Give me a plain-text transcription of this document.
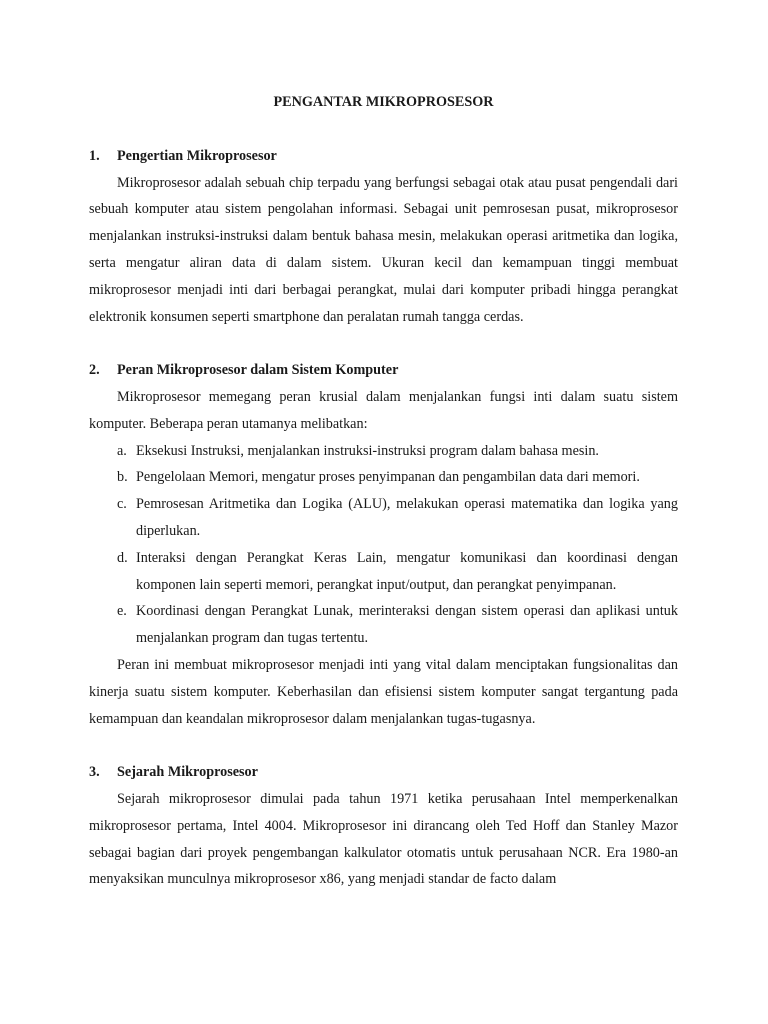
PENGANTAR MIKROPROSESOR
1.	Pengertian Mikroprosesor

Mikroprosesor adalah sebuah chip terpadu yang berfungsi sebagai otak atau pusat pengendali dari sebuah komputer atau sistem pengolahan informasi. Sebagai unit pemrosesan pusat, mikroprosesor menjalankan instruksi-instruksi dalam bentuk bahasa mesin, melakukan operasi aritmetika dan logika, serta mengatur aliran data di dalam sistem. Ukuran kecil dan kemampuan tinggi membuat mikroprosesor menjadi inti dari berbagai perangkat, mulai dari komputer pribadi hingga perangkat elektronik konsumen seperti smartphone dan peralatan rumah tangga cerdas.

2.	Peran Mikroprosesor dalam Sistem Komputer

Mikroprosesor memegang peran krusial dalam menjalankan fungsi inti dalam suatu sistem komputer. Beberapa peran utamanya melibatkan:

a. Eksekusi Instruksi, menjalankan instruksi-instruksi program dalam bahasa mesin.
b. Pengelolaan Memori, mengatur proses penyimpanan dan pengambilan data dari memori.
c. Pemrosesan Aritmetika dan Logika (ALU), melakukan operasi matematika dan logika yang diperlukan.
d. Interaksi dengan Perangkat Keras Lain, mengatur komunikasi dan koordinasi dengan komponen lain seperti memori, perangkat input/output, dan perangkat penyimpanan.
e. Koordinasi dengan Perangkat Lunak, merinteraksi dengan sistem operasi dan aplikasi untuk menjalankan program dan tugas tertentu.

Peran ini membuat mikroprosesor menjadi inti yang vital dalam menciptakan fungsionalitas dan kinerja suatu sistem komputer. Keberhasilan dan efisiensi sistem komputer sangat tergantung pada kemampuan dan keandalan mikroprosesor dalam menjalankan tugas-tugasnya.

3.	Sejarah Mikroprosesor

Sejarah mikroprosesor dimulai pada tahun 1971 ketika perusahaan Intel memperkenalkan mikroprosesor pertama, Intel 4004. Mikroprosesor ini dirancang oleh Ted Hoff dan Stanley Mazor sebagai bagian dari proyek pengembangan kalkulator otomatis untuk perusahaan NCR. Era 1980-an menyaksikan munculnya mikroprosesor x86, yang menjadi standar de facto dalam
